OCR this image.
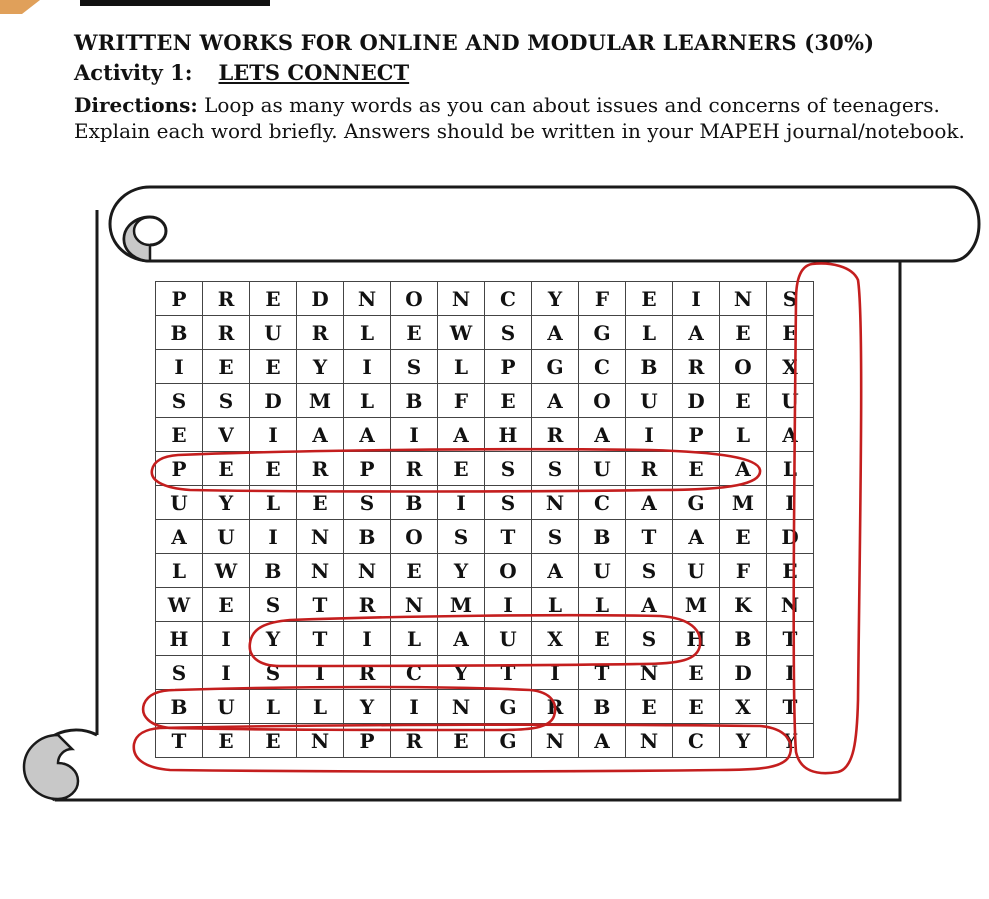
WRITTEN WORKS FOR ONLINE AND MODULAR LEARNERS (30%)
Activity 1: LETS CONNECT
Directions: Loop as many words as you can about issues and concerns of teenagers. Explain each word briefly. Answers should be written in your MAPEH journal/notebook.
P	R	E	D	N	O	N	C	Y	F	E	I	N	S
B	R	U	R	L	E	W	S	A	G	L	A	E	E
I	E	E	Y	I	S	L	P	G	C	B	R	O	X
S	S	D	M	L	B	F	E	A	O	U	D	E	U
E	V	I	A	A	I	A	H	R	A	I	P	L	A
P	E	E	R	P	R	E	S	S	U	R	E	A	L
U	Y	L	E	S	B	I	S	N	C	A	G	M	I
A	U	I	N	B	O	S	T	S	B	T	A	E	D
L	W	B	N	N	E	Y	O	A	U	S	U	F	E
W	E	S	T	R	N	M	I	L	L	A	M	K	N
H	I	Y	T	I	L	A	U	X	E	S	H	B	T
S	I	S	I	R	C	Y	T	I	T	N	E	D	I
B	U	L	L	Y	I	N	G	R	B	E	E	X	T
T	E	E	N	P	R	E	G	N	A	N	C	Y	Y
